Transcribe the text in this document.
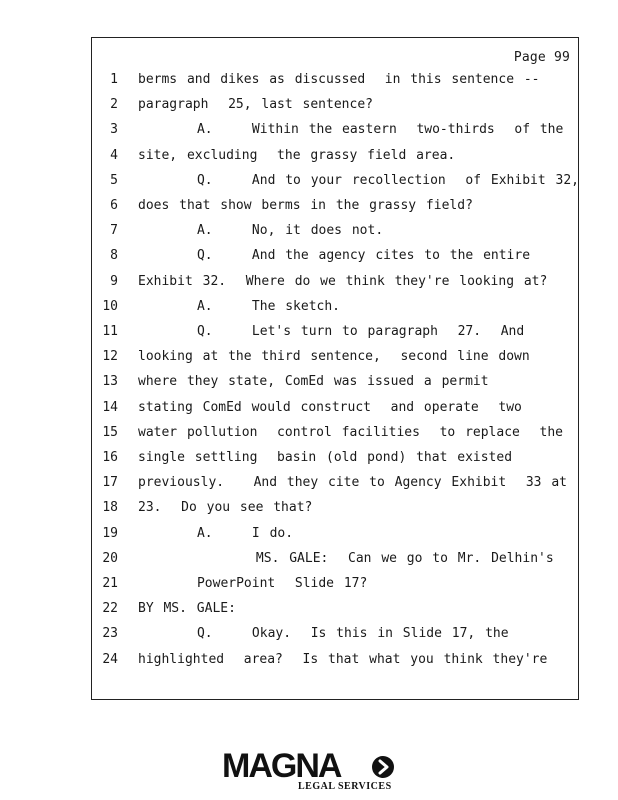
Page 99
1 berms and dikes as discussed  in this sentence --
2 paragraph  25, last sentence?
3 A.    Within the eastern  two-thirds  of the
4 site, excluding  the grassy field area.
5 Q.    And to your recollection  of Exhibit 32,
6 does that show berms in the grassy field?
7 A.    No, it does not.
8 Q.    And the agency cites to the entire
9 Exhibit 32.  Where do we think they're looking at?
10 A.    The sketch.
11 Q.    Let's turn to paragraph  27.  And
12 looking at the third sentence,  second line down
13 where they state, ComEd was issued a permit
14 stating ComEd would construct  and operate  two
15 water pollution  control facilities  to replace  the
16 single settling  basin (old pond) that existed
17 previously.   And they cite to Agency Exhibit  33 at
18 23.  Do you see that?
19 A.    I do.
20 MS. GALE:  Can we go to Mr. Delhin's
21 PowerPoint  Slide 17?
22 BY MS. GALE:
23 Q.    Okay.  Is this in Slide 17, the
24 highlighted  area?  Is that what you think they're
MAGNA
LEGAL SERVICES
